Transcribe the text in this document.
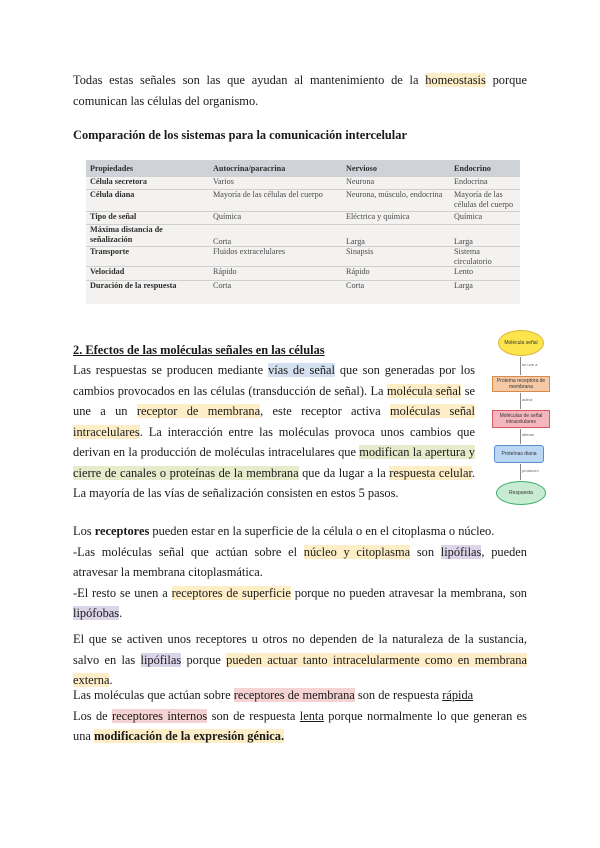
Todas estas señales son las que ayudan al mantenimiento de la homeostasis porque comunican las células del organismo.
Comparación de los sistemas para la comunicación intercelular
Propiedades	Autocrina/paracrina	Nervioso	Endocrino
Célula secretora	Varios	Neurona	Endocrina
Célula diana	Mayoría de las células del cuerpo	Neurona, músculo, endocrina	Mayoría de las células del cuerpo
Tipo de señal	Química	Eléctrica y química	Química
Máxima distancia de señalización	Corta	Larga	Larga
Transporte	Fluidos extracelulares	Sinapsis	Sistema circulatorio
Velocidad	Rápido	Rápido	Lento
Duración de la respuesta	Corta	Corta	Larga
2. Efectos de las moléculas señales en las células
Las respuestas se producen mediante vías de señal que son generadas por los cambios provocados en las células (transducción de señal). La molécula señal se une a un receptor de membrana, este receptor activa moléculas señal intracelulares. La interacción entre las moléculas provoca unos cambios que derivan en la producción de moléculas intracelulares que modifican la apertura y cierre de canales o proteínas de la membrana que da lugar a la respuesta celular. La mayoría de las vías de señalización consisten en estos 5 pasos.
Molécula señal
se une a
Proteína receptora de membrana
activa
Moléculas de señal intracelulares
alteran
Proteínas diana
producen
Respuesta
Los receptores pueden estar en la superficie de la célula o en el citoplasma o núcleo.
-Las moléculas señal que actúan sobre el núcleo y citoplasma son lipófilas, pueden atravesar la membrana citoplasmática.
-El resto se unen a receptores de superficie porque no pueden atravesar la membrana, son lipófobas.
El que se activen unos receptores u otros no dependen de la naturaleza de la sustancia, salvo en las lipófilas porque pueden actuar tanto intracelularmente como en membrana externa.
Las moléculas que actúan sobre receptores de membrana son de respuesta rápida
Los de receptores internos son de respuesta lenta porque normalmente lo que generan es una modificación de la expresión génica.
